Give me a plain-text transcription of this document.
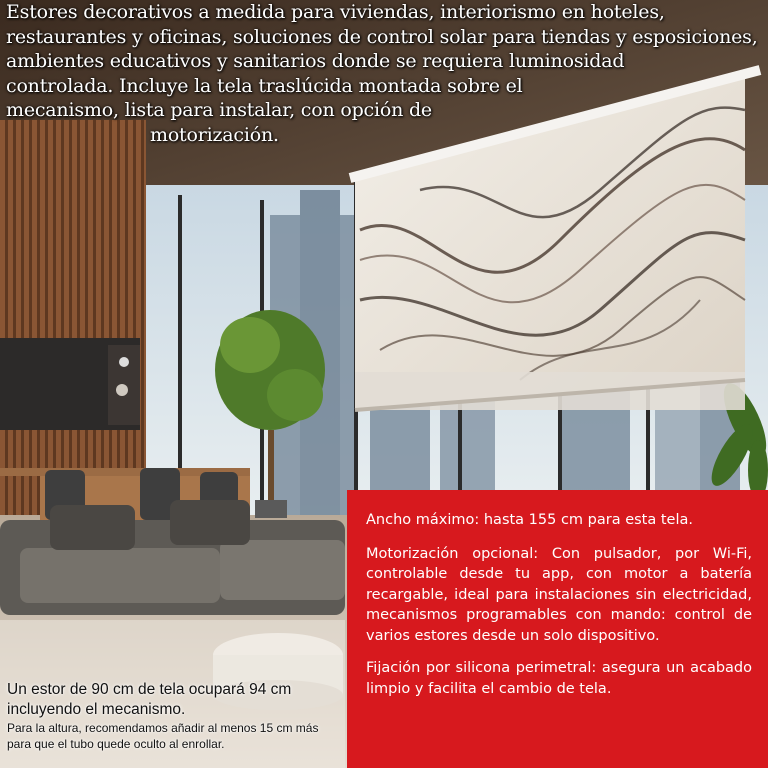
Estores decorativos a medida para viviendas, interiorismo en hoteles,
restaurantes y oficinas, soluciones de control solar para tiendas y esposiciones,
ambientes educativos y sanitarios donde se requiera luminosidad
controlada. Incluye la tela traslúcida montada sobre el
mecanismo, lista para instalar, con opción de
motorización.

Ancho máximo: hasta 155 cm para esta tela.

Motorización opcional: Con pulsador, por Wi-Fi, controlable desde tu app, con motor a batería recargable, ideal para instalaciones sin electricidad, mecanismos programables con mando: control de varios estores desde un solo dispositivo.

Fijación por silicona perimetral: asegura un acabado limpio y facilita el cambio de tela.

Un estor de 90 cm de tela ocupará 94 cm incluyendo el mecanismo.
Para la altura, recomendamos añadir al menos 15 cm más para que el tubo quede oculto al enrollar.
